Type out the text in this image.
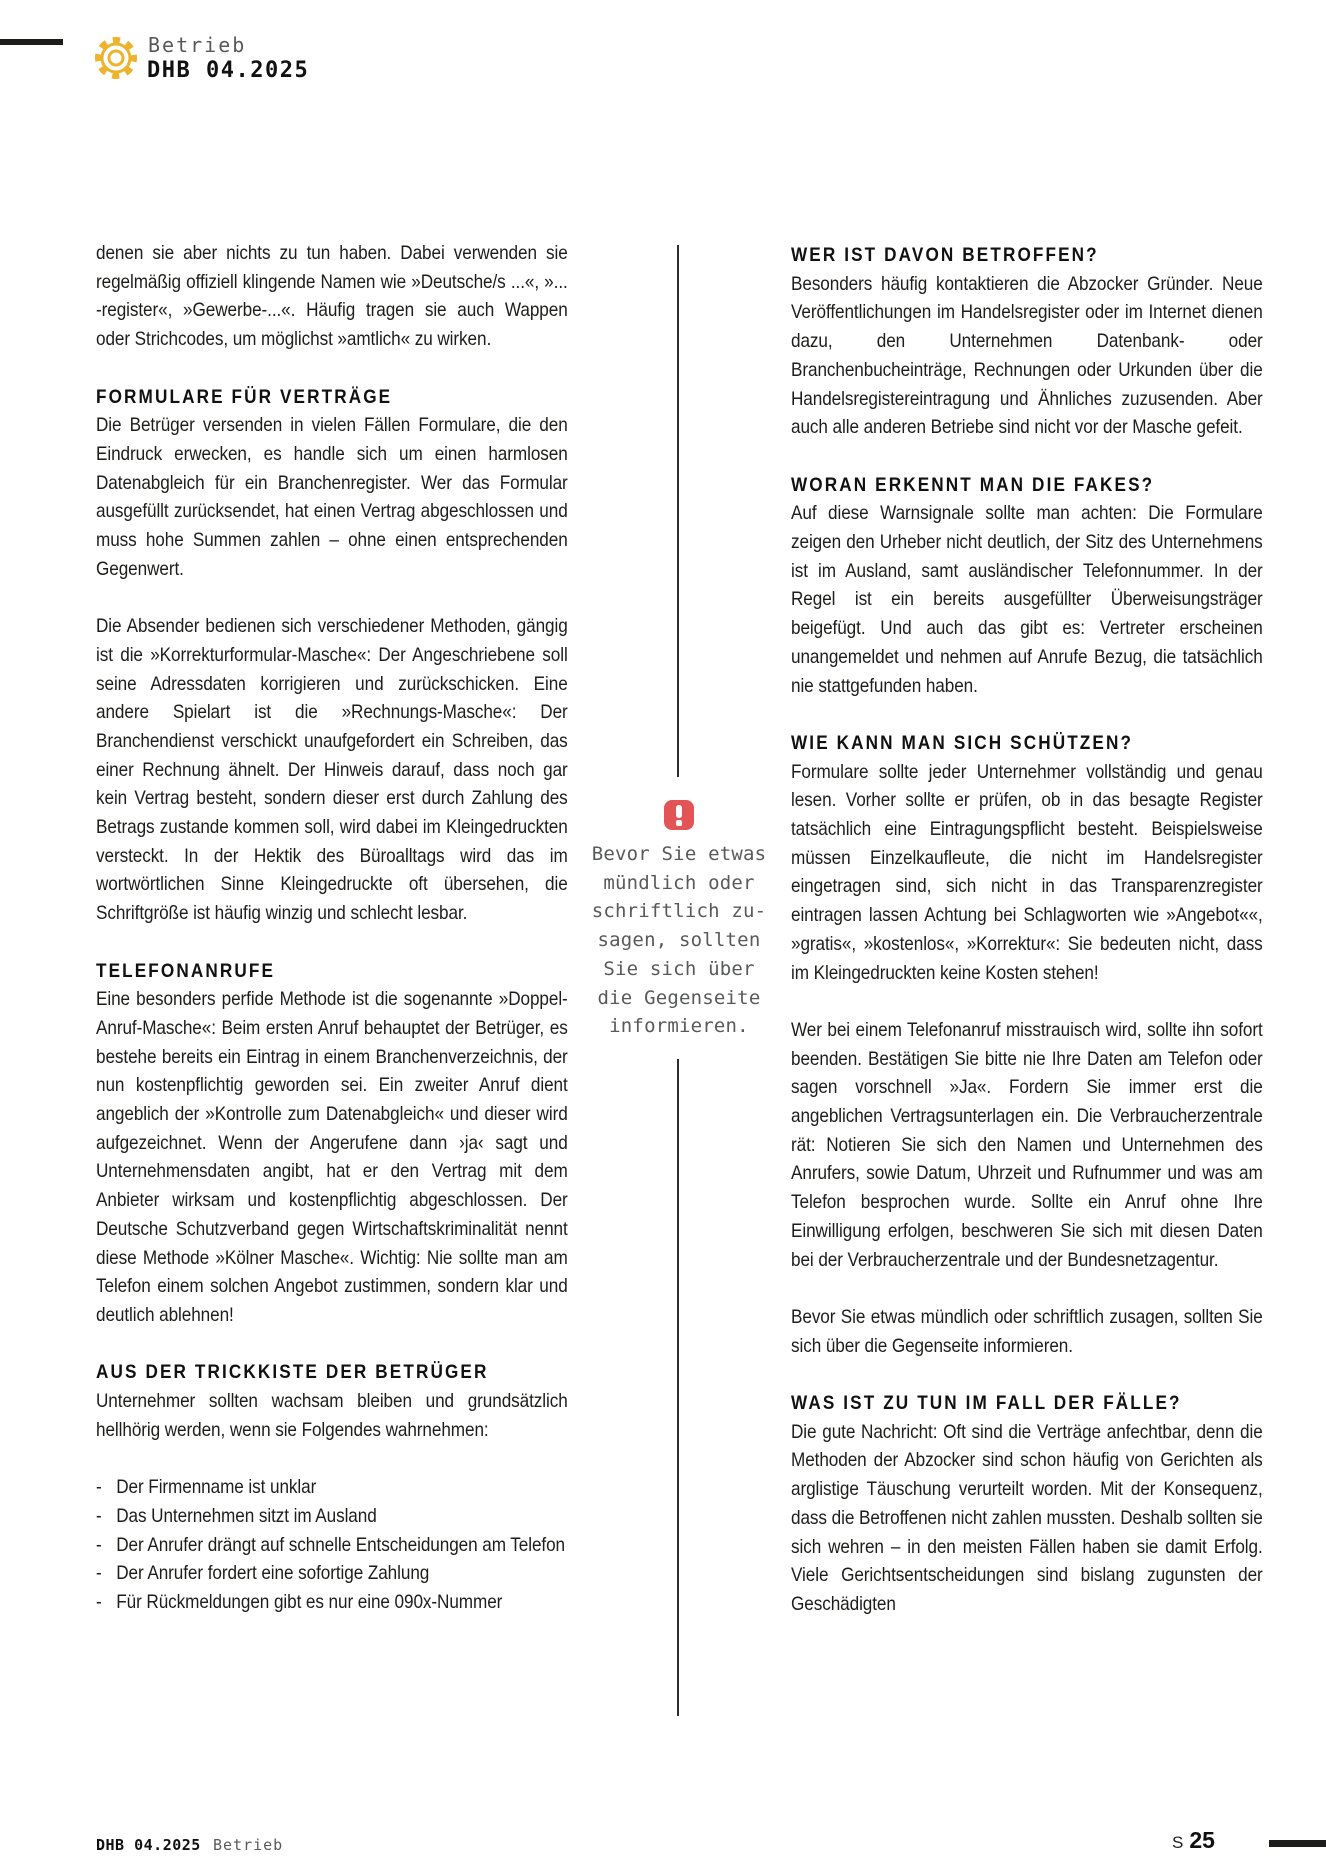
Betrieb
DHB 04.2025

denen sie aber nichts zu tun haben. Dabei verwenden sie regelmäßig offiziell klingende Namen wie »Deutsche/s ...«, »... -register«, »Gewerbe-...«. Häufig tragen sie auch Wappen oder Strichcodes, um möglichst »amtlich« zu wirken.

FORMULARE FÜR VERTRÄGE

Die Betrüger versenden in vielen Fällen Formulare, die den Eindruck erwecken, es handle sich um einen harmlosen Datenabgleich für ein Branchenregister. Wer das Formular ausgefüllt zurücksendet, hat einen Vertrag abgeschlossen und muss hohe Summen zahlen – ohne einen entsprechenden Gegenwert.

Die Absender bedienen sich verschiedener Methoden, gängig ist die »Korrekturformular-Masche«: Der Angeschriebene soll seine Adressdaten korrigieren und zurückschicken. Eine andere Spielart ist die »Rechnungs-Masche«: Der Branchendienst verschickt unaufgefordert ein Schreiben, das einer Rechnung ähnelt. Der Hinweis darauf, dass noch gar kein Vertrag besteht, sondern dieser erst durch Zahlung des Betrags zustande kommen soll, wird dabei im Kleingedruckten versteckt. In der Hektik des Büroalltags wird das im wortwörtlichen Sinne Kleingedruckte oft übersehen, die Schriftgröße ist häufig winzig und schlecht lesbar.

TELEFONANRUFE

Eine besonders perfide Methode ist die sogenannte »Doppel-Anruf-Masche«: Beim ersten Anruf behauptet der Betrüger, es bestehe bereits ein Eintrag in einem Branchenverzeichnis, der nun kostenpflichtig geworden sei. Ein zweiter Anruf dient angeblich der »Kontrolle zum Datenabgleich« und dieser wird aufgezeichnet. Wenn der Angerufene dann ›ja‹ sagt und Unternehmensdaten angibt, hat er den Vertrag mit dem Anbieter wirksam und kostenpflichtig abgeschlossen. Der Deutsche Schutzverband gegen Wirtschaftskriminalität nennt diese Methode »Kölner Masche«. Wichtig: Nie sollte man am Telefon einem solchen Angebot zustimmen, sondern klar und deutlich ablehnen!

AUS DER TRICKKISTE DER BETRÜGER

Unternehmer sollten wachsam bleiben und grundsätzlich hellhörig werden, wenn sie Folgendes wahrnehmen:

- Der Firmenname ist unklar
- Das Unternehmen sitzt im Ausland
- Der Anrufer drängt auf schnelle Entscheidungen am Telefon
- Der Anrufer fordert eine sofortige Zahlung
- Für Rückmeldungen gibt es nur eine 090x-Nummer
Bevor Sie etwas
mündlich oder
schriftlich zu-
sagen, sollten
Sie sich über
die Gegenseite
informieren.
WER IST DAVON BETROFFEN?

Besonders häufig kontaktieren die Abzocker Gründer. Neue Veröffentlichungen im Handelsregister oder im Internet dienen dazu, den Unternehmen Datenbank- oder Branchenbucheinträge, Rechnungen oder Urkunden über die Handelsregistereintragung und Ähnliches zuzusenden. Aber auch alle anderen Betriebe sind nicht vor der Masche gefeit.

WORAN ERKENNT MAN DIE FAKES?

Auf diese Warnsignale sollte man achten: Die Formulare zeigen den Urheber nicht deutlich, der Sitz des Unternehmens ist im Ausland, samt ausländischer Telefonnummer. In der Regel ist ein bereits ausgefüllter Überweisungsträger beigefügt. Und auch das gibt es: Vertreter erscheinen unangemeldet und nehmen auf Anrufe Bezug, die tatsächlich nie stattgefunden haben.

WIE KANN MAN SICH SCHÜTZEN?

Formulare sollte jeder Unternehmer vollständig und genau lesen. Vorher sollte er prüfen, ob in das besagte Register tatsächlich eine Eintragungspflicht besteht. Beispielsweise müssen Einzelkaufleute, die nicht im Handelsregister eingetragen sind, sich nicht in das Transparenzregister eintragen lassen Achtung bei Schlagworten wie »Angebot««, »gratis«, »kostenlos«, »Korrektur«: Sie bedeuten nicht, dass im Kleingedruckten keine Kosten stehen!

Wer bei einem Telefonanruf misstrauisch wird, sollte ihn sofort beenden. Bestätigen Sie bitte nie Ihre Daten am Telefon oder sagen vorschnell »Ja«. Fordern Sie immer erst die angeblichen Vertragsunterlagen ein. Die Verbraucherzentrale rät: Notieren Sie sich den Namen und Unternehmen des Anrufers, sowie Datum, Uhrzeit und Rufnummer und was am Telefon besprochen wurde. Sollte ein Anruf ohne Ihre Einwilligung erfolgen, beschweren Sie sich mit diesen Daten bei der Verbraucherzentrale und der Bundesnetzagentur.

Bevor Sie etwas mündlich oder schriftlich zusagen, sollten Sie sich über die Gegenseite informieren.

WAS IST ZU TUN IM FALL DER FÄLLE?

Die gute Nachricht: Oft sind die Verträge anfechtbar, denn die Methoden der Abzocker sind schon häufig von Gerichten als arglistige Täuschung verurteilt worden. Mit der Konsequenz, dass die Betroffenen nicht zahlen mussten. Deshalb sollten sie sich wehren – in den meisten Fällen haben sie damit Erfolg. Viele Gerichtsentscheidungen sind bislang zugunsten der Geschädigten

DHB 04.2025 Betrieb	S 25
